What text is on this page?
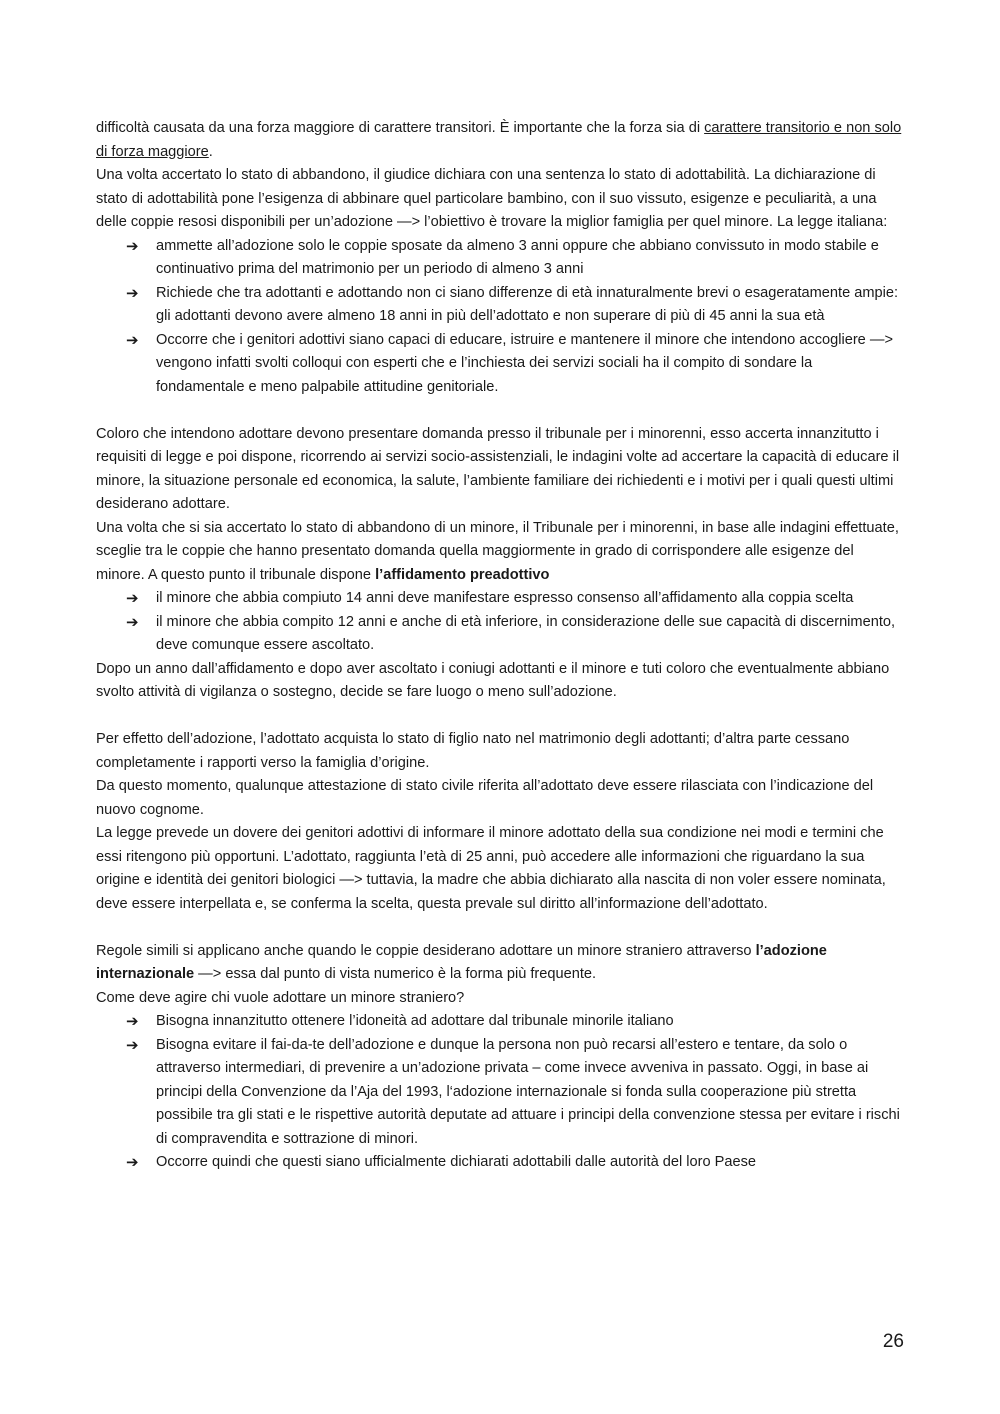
difficoltà causata da una forza maggiore di carattere transitori. È importante che la forza sia di carattere transitorio e non solo di forza maggiore.

Una volta accertato lo stato di abbandono, il giudice dichiara con una sentenza lo stato di adottabilità. La dichiarazione di stato di adottabilità pone l’esigenza di abbinare quel particolare bambino, con il suo vissuto, esigenze e peculiarità, a una delle coppie resosi disponibili per un’adozione —> l’obiettivo è trovare la miglior famiglia per quel minore. La legge italiana:

➔ ammette all’adozione solo le coppie sposate da almeno 3 anni oppure che abbiano convissuto in modo stabile e continuativo prima del matrimonio per un periodo di almeno 3 anni
➔ Richiede che tra adottanti e adottando non ci siano differenze di età innaturalmente brevi o esageratamente ampie: gli adottanti devono avere almeno 18 anni in più dell’adottato e non superare di più di 45 anni la sua età
➔ Occorre che i genitori adottivi siano capaci di educare, istruire e mantenere il minore che intendono accogliere —> vengono infatti svolti colloqui con esperti che e l’inchiesta dei servizi sociali ha il compito di sondare la fondamentale e meno palpabile attitudine genitoriale.

Coloro che intendono adottare devono presentare domanda presso il tribunale per i minorenni, esso accerta innanzitutto i requisiti di legge e poi dispone, ricorrendo ai servizi socio-assistenziali, le indagini volte ad accertare la capacità di educare il minore, la situazione personale ed economica, la salute, l’ambiente familiare dei richiedenti e i motivi per i quali questi ultimi desiderano adottare.

Una volta che si sia accertato lo stato di abbandono di un minore, il Tribunale per i minorenni, in base alle indagini effettuate, sceglie tra le coppie che hanno presentato domanda quella maggiormente in grado di corrispondere alle esigenze del minore. A questo punto il tribunale dispone l’affidamento preadottivo

➔ il minore che abbia compiuto 14 anni deve manifestare espresso consenso all’affidamento alla coppia scelta
➔ il minore che abbia compito 12 anni e anche di età inferiore, in considerazione delle sue capacità di discernimento, deve comunque essere ascoltato.

Dopo un anno dall’affidamento e dopo aver ascoltato i coniugi adottanti e il minore e tuti coloro che eventualmente abbiano svolto attività di vigilanza o sostegno, decide se fare luogo o meno sull’adozione.

Per effetto dell’adozione, l’adottato acquista lo stato di figlio nato nel matrimonio degli adottanti; d’altra parte cessano completamente i rapporti verso la famiglia d’origine.

Da questo momento, qualunque attestazione di stato civile riferita all’adottato deve essere rilasciata con l’indicazione del nuovo cognome.

La legge prevede un dovere dei genitori adottivi di informare il minore adottato della sua condizione nei modi e termini che essi ritengono più opportuni. L’adottato, raggiunta l’età di 25 anni, può accedere alle informazioni che riguardano la sua origine e identità dei genitori biologici —> tuttavia, la madre che abbia dichiarato alla nascita di non voler essere nominata, deve essere interpellata e, se conferma la scelta, questa prevale sul diritto all’informazione dell’adottato.

Regole simili si applicano anche quando le coppie desiderano adottare un minore straniero attraverso l’adozione internazionale —> essa dal punto di vista numerico è la forma più frequente.

Come deve agire chi vuole adottare un minore straniero?

➔ Bisogna innanzitutto ottenere l’idoneità ad adottare dal tribunale minorile italiano
➔ Bisogna evitare il fai-da-te dell’adozione e dunque la persona non può recarsi all’estero e tentare, da solo o attraverso intermediari, di prevenire a un’adozione privata – come invece avveniva in passato. Oggi, in base ai principi della Convenzione da l’Aja del 1993, l‘adozione internazionale si fonda sulla cooperazione più stretta possibile tra gli stati e le rispettive autorità deputate ad attuare i principi della convenzione stessa per evitare i rischi di compravendita e sottrazione di minori.
➔ Occorre quindi che questi siano ufficialmente dichiarati adottabili dalle autorità del loro Paese
26
